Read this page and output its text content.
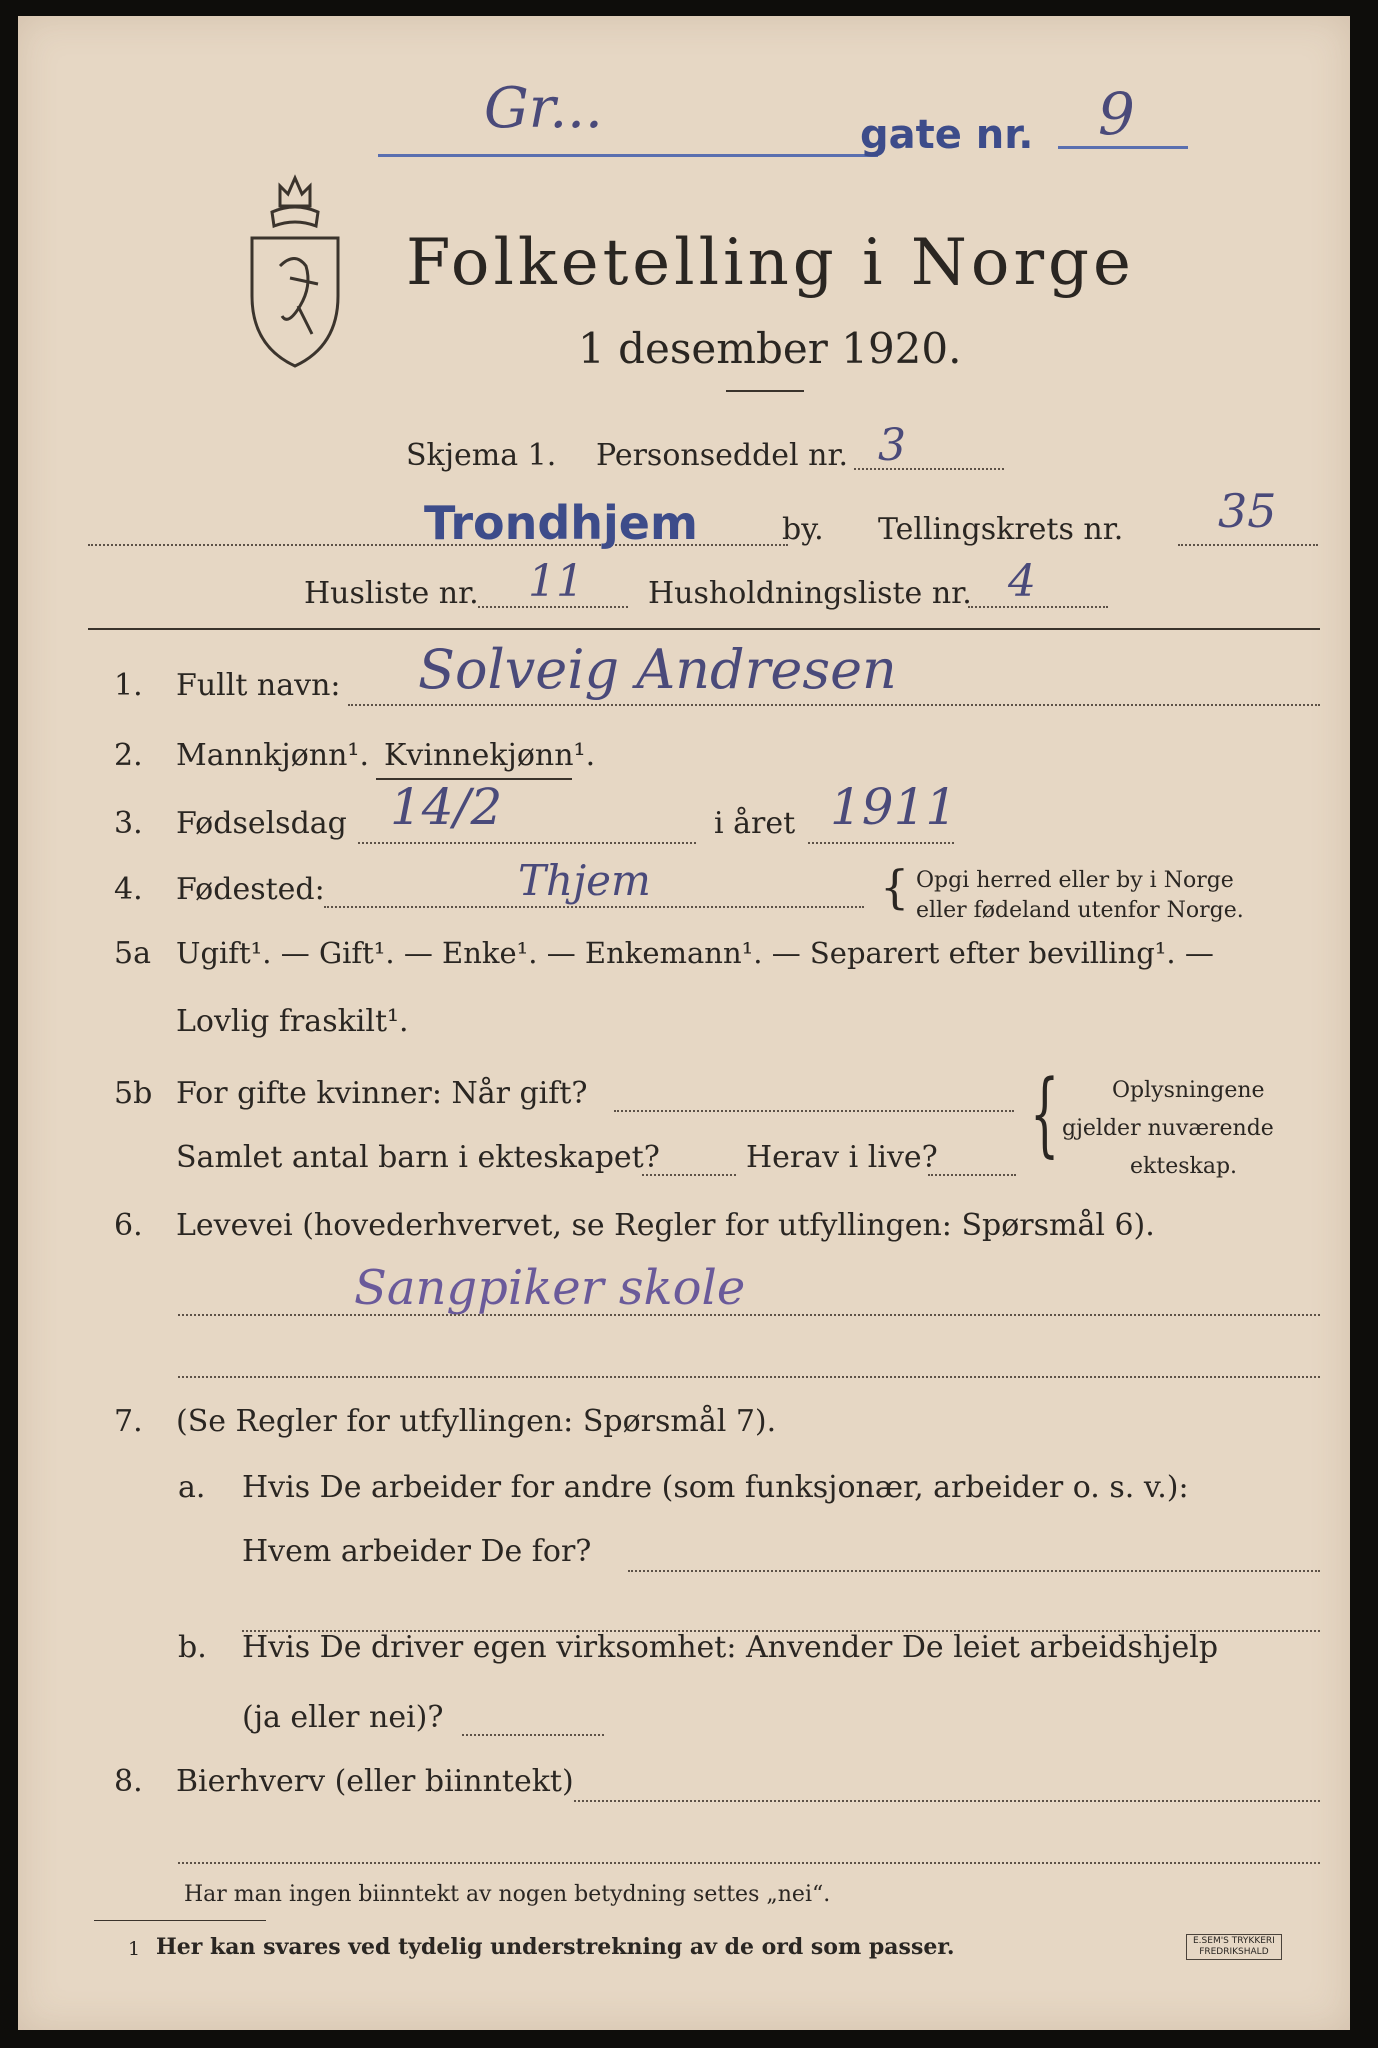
Gr...	gate nr. 9
Folketelling i Norge
1 desember 1920.
Skjema 1. Personseddel nr. 3
Trondhjem	by. Tellingskrets nr. 35
Husliste nr. 11 Husholdningsliste nr. 4
1. Fullt navn: Solveig Andresen
2. Mannkjønn¹. Kvinnekjønn¹.
3. Fødselsdag 14/2	i året 1911
4. Fødested:	Thjem	{ Opgi herred eller by i Norge
eller fødeland utenfor Norge.
5a Ugift¹. — Gift¹. — Enke¹. — Enkemann¹. — Separert efter bevilling¹. —
Lovlig fraskilt¹.
5b For gifte kvinner: Når gift?
Samlet antal barn i ekteskapet?	Herav i live? { Oplysningene
gjelder nuværende
ekteskap.
6. Levevei (hovederhvervet, se Regler for utfyllingen: Spørsmål 6).
Sangpiker skole
7. (Se Regler for utfyllingen: Spørsmål 7).
a. Hvis De arbeider for andre (som funksjonær, arbeider o. s. v.):
Hvem arbeider De for?
b. Hvis De driver egen virksomhet: Anvender De leiet arbeidshjelp
(ja eller nei)?
8. Bierhverv (eller biinntekt)
Har man ingen biinntekt av nogen betydning settes „nei“.
1 Her kan svares ved tydelig understrekning av de ord som passer.	E.SEM'S TRYKKERI
FREDRIKSHALD
